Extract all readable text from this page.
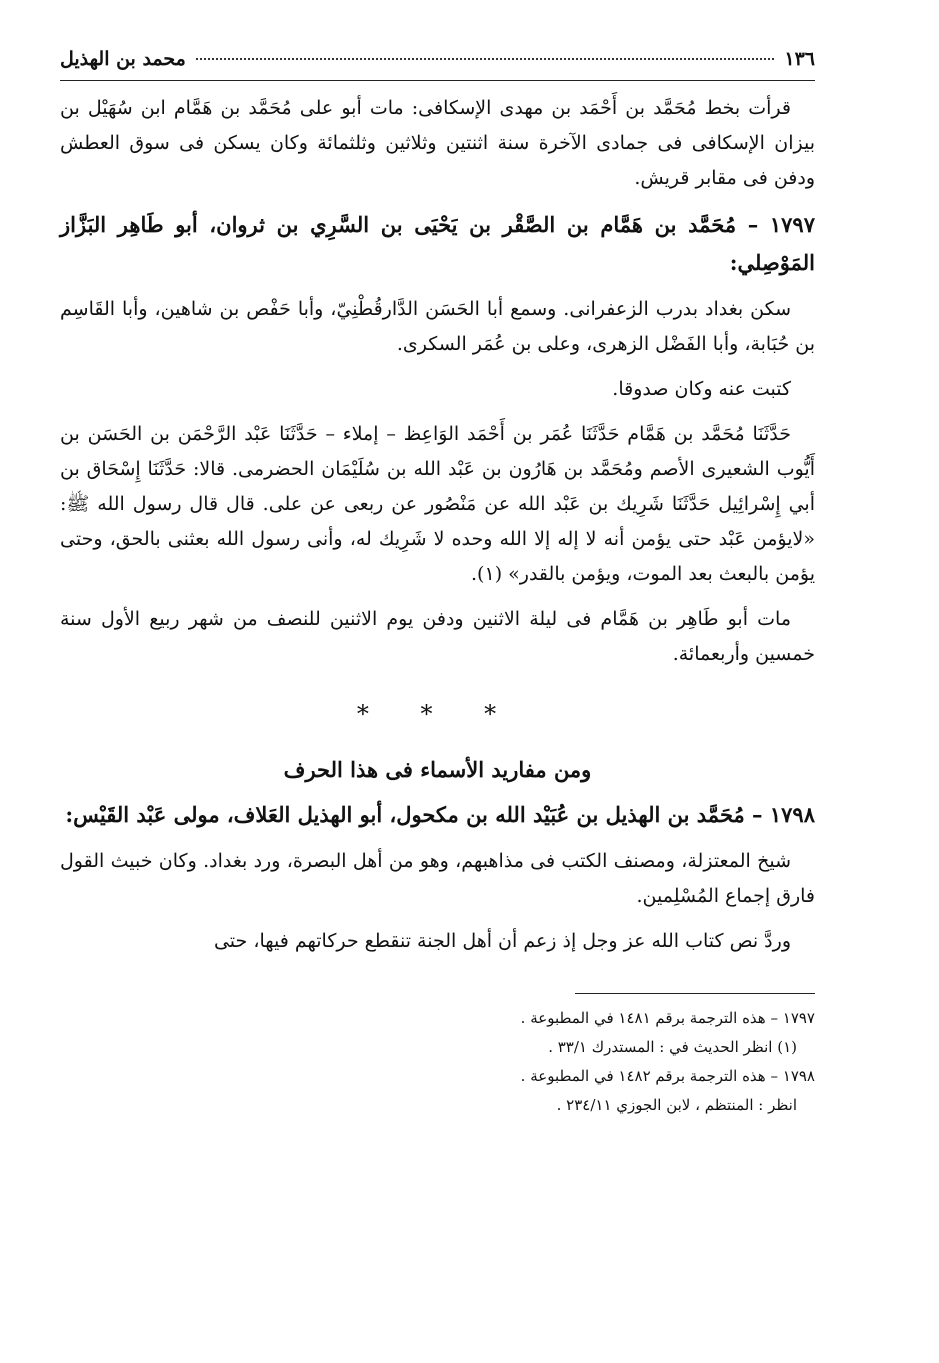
١٣٦
محمد بن الهذيل

قرأت بخط مُحَمَّد بن أَحْمَد بن مهدى الإسكافى: مات أبو على مُحَمَّد بن هَمَّام ابن سُهَيْل بن بيزان الإسكافى فى جمادى الآخرة سنة اثنتين وثلاثين وثلثمائة وكان يسكن فى سوق العطش ودفن فى مقابر قريش.

١٧٩٧ – مُحَمَّد بن هَمَّام بن الصَّقْر بن يَحْيَى بن السَّرِي بن ثروان، أبو طَاهِر البَزَّاز المَوْصِلي:

سكن بغداد بدرب الزعفرانى. وسمع أبا الحَسَن الدَّارقُطْنِيّ، وأبا حَفْص بن شاهين، وأبا القَاسِم بن حُبَابة، وأبا الفَضْل الزهرى، وعلى بن عُمَر السكرى.

كتبت عنه وكان صدوقا.

حَدَّثَنَا مُحَمَّد بن هَمَّام حَدَّثَنَا عُمَر بن أَحْمَد الوَاعِظ – إملاء – حَدَّثَنَا عَبْد الرَّحْمَن بن الحَسَن بن أَيُّوب الشعيرى الأصم ومُحَمَّد بن هَارُون بن عَبْد الله بن سُلَيْمَان الحضرمى. قالا: حَدَّثَنَا إِسْحَاق بن أبي إِسْرائِيل حَدَّثَنَا شَرِيك بن عَبْد الله عن مَنْصُور عن ربعى عن على. قال قال رسول الله ﷺ: «لايؤمن عَبْد حتى يؤمن أنه لا إله إلا الله وحده لا شَرِيك له، وأنى رسول الله بعثنى بالحق، وحتى يؤمن بالبعث بعد الموت، ويؤمن بالقدر» (١).

مات أبو طَاهِر بن هَمَّام فى ليلة الاثنين ودفن يوم الاثنين للنصف من شهر ربيع الأول سنة خمسين وأربعمائة.

* * *
ومن مفاريد الأسماء فى هذا الحرف

١٧٩٨ – مُحَمَّد بن الهذيل بن عُبَيْد الله بن مكحول، أبو الهذيل العَلاف، مولى عَبْد القَيْس:

شيخ المعتزلة، ومصنف الكتب فى مذاهبهم، وهو من أهل البصرة، ورد بغداد. وكان خبيث القول فارق إجماع المُسْلِمين.

وردَّ نص كتاب الله عز وجل إذ زعم أن أهل الجنة تنقطع حركاتهم فيها، حتى

١٧٩٧ – هذه الترجمة برقم ١٤٨١ في المطبوعة .

(١) انظر الحديث في : المستدرك ٣٣/١ .

١٧٩٨ – هذه الترجمة برقم ١٤٨٢ في المطبوعة .

انظر : المنتظم ، لابن الجوزي ٢٣٤/١١ .
